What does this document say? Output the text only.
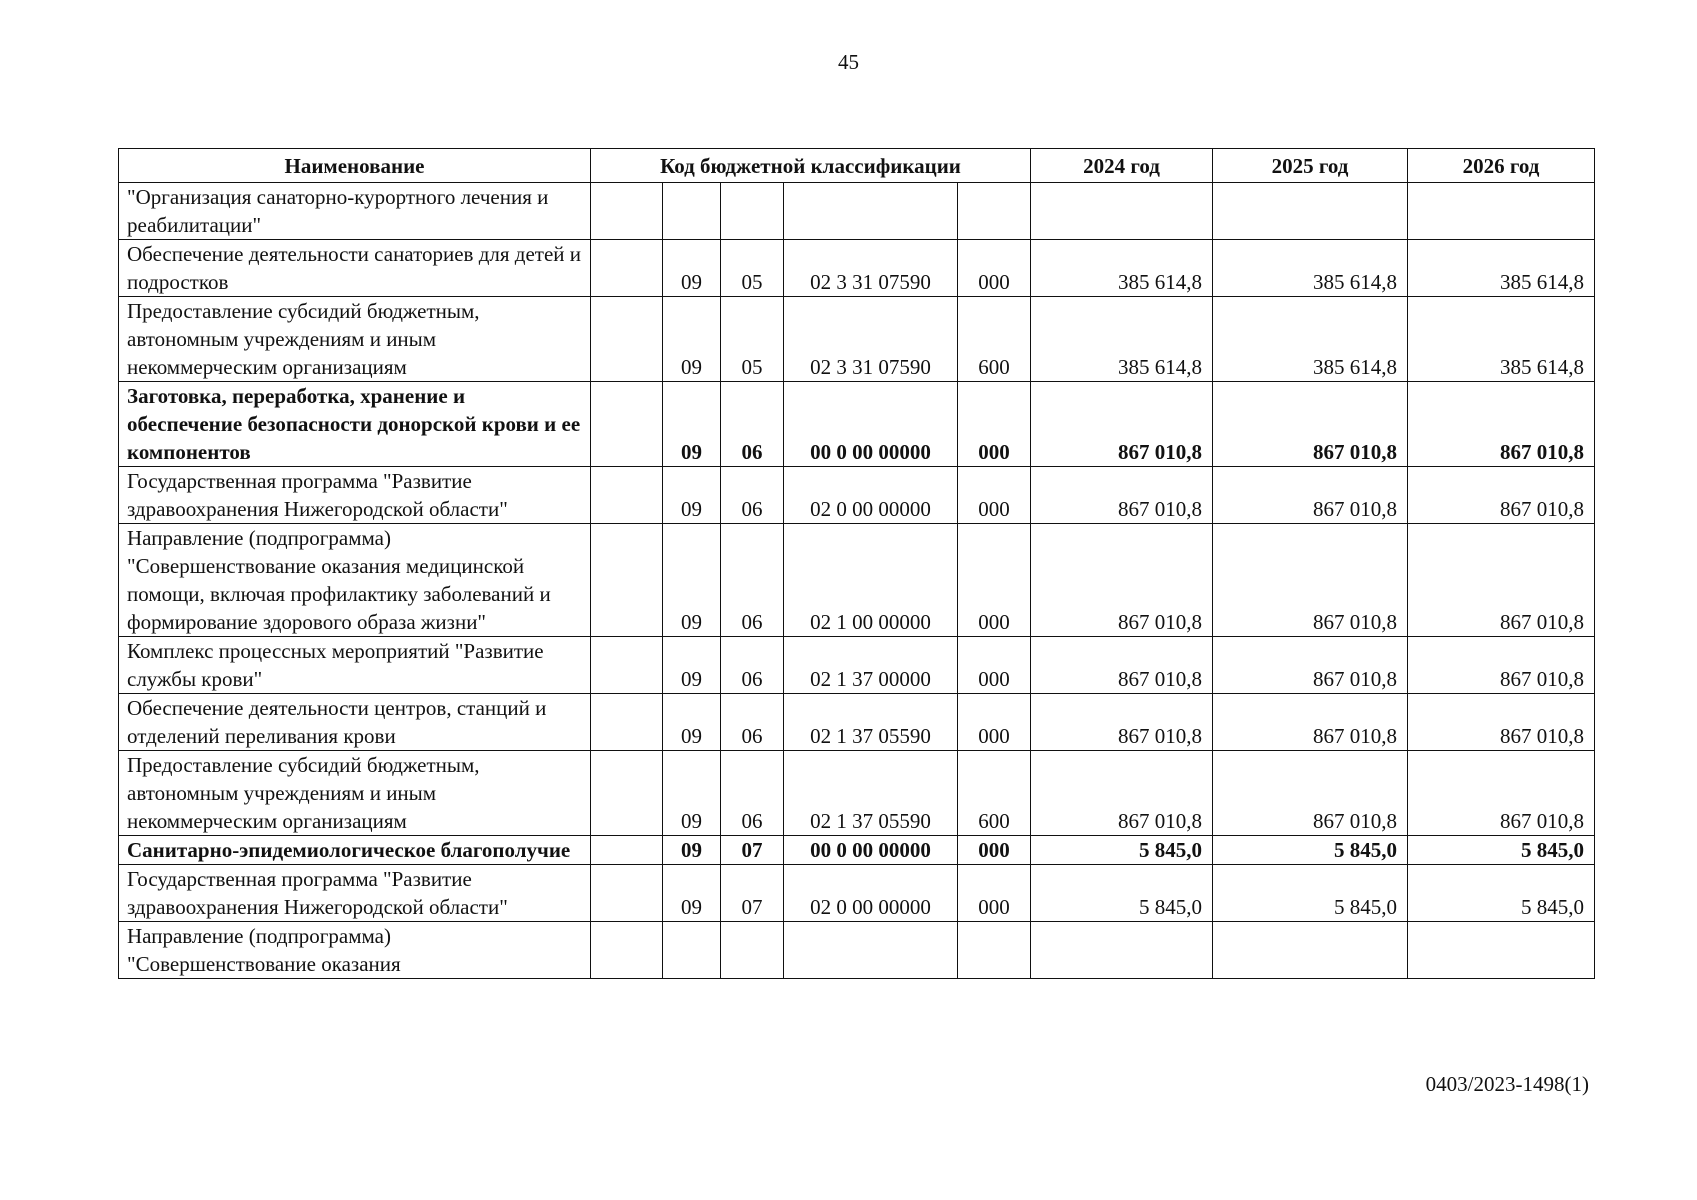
45
Наименование	Код бюджетной классификации					2024 год	2025 год	2026 год
"Организация санаторно-курортного лечения и реабилитации"								
Обеспечение деятельности санаториев для детей и подростков		09	05	02 3 31 07590	000	385 614,8	385 614,8	385 614,8
Предоставление субсидий бюджетным, автономным учреждениям и иным некоммерческим организациям		09	05	02 3 31 07590	600	385 614,8	385 614,8	385 614,8
Заготовка, переработка, хранение и обеспечение безопасности донорской крови и ее компонентов		09	06	00 0 00 00000	000	867 010,8	867 010,8	867 010,8
Государственная программа "Развитие здравоохранения Нижегородской области"		09	06	02 0 00 00000	000	867 010,8	867 010,8	867 010,8
Направление (подпрограмма) "Совершенствование оказания медицинской помощи, включая профилактику заболеваний и формирование здорового образа жизни"		09	06	02 1 00 00000	000	867 010,8	867 010,8	867 010,8
Комплекс процессных мероприятий "Развитие службы крови"		09	06	02 1 37 00000	000	867 010,8	867 010,8	867 010,8
Обеспечение деятельности центров, станций и отделений переливания крови		09	06	02 1 37 05590	000	867 010,8	867 010,8	867 010,8
Предоставление субсидий бюджетным, автономным учреждениям и иным некоммерческим организациям		09	06	02 1 37 05590	600	867 010,8	867 010,8	867 010,8
Санитарно-эпидемиологическое благополучие		09	07	00 0 00 00000	000	5 845,0	5 845,0	5 845,0
Государственная программа "Развитие здравоохранения Нижегородской области"		09	07	02 0 00 00000	000	5 845,0	5 845,0	5 845,0
Направление (подпрограмма) "Совершенствование оказания								
0403/2023-1498(1)
